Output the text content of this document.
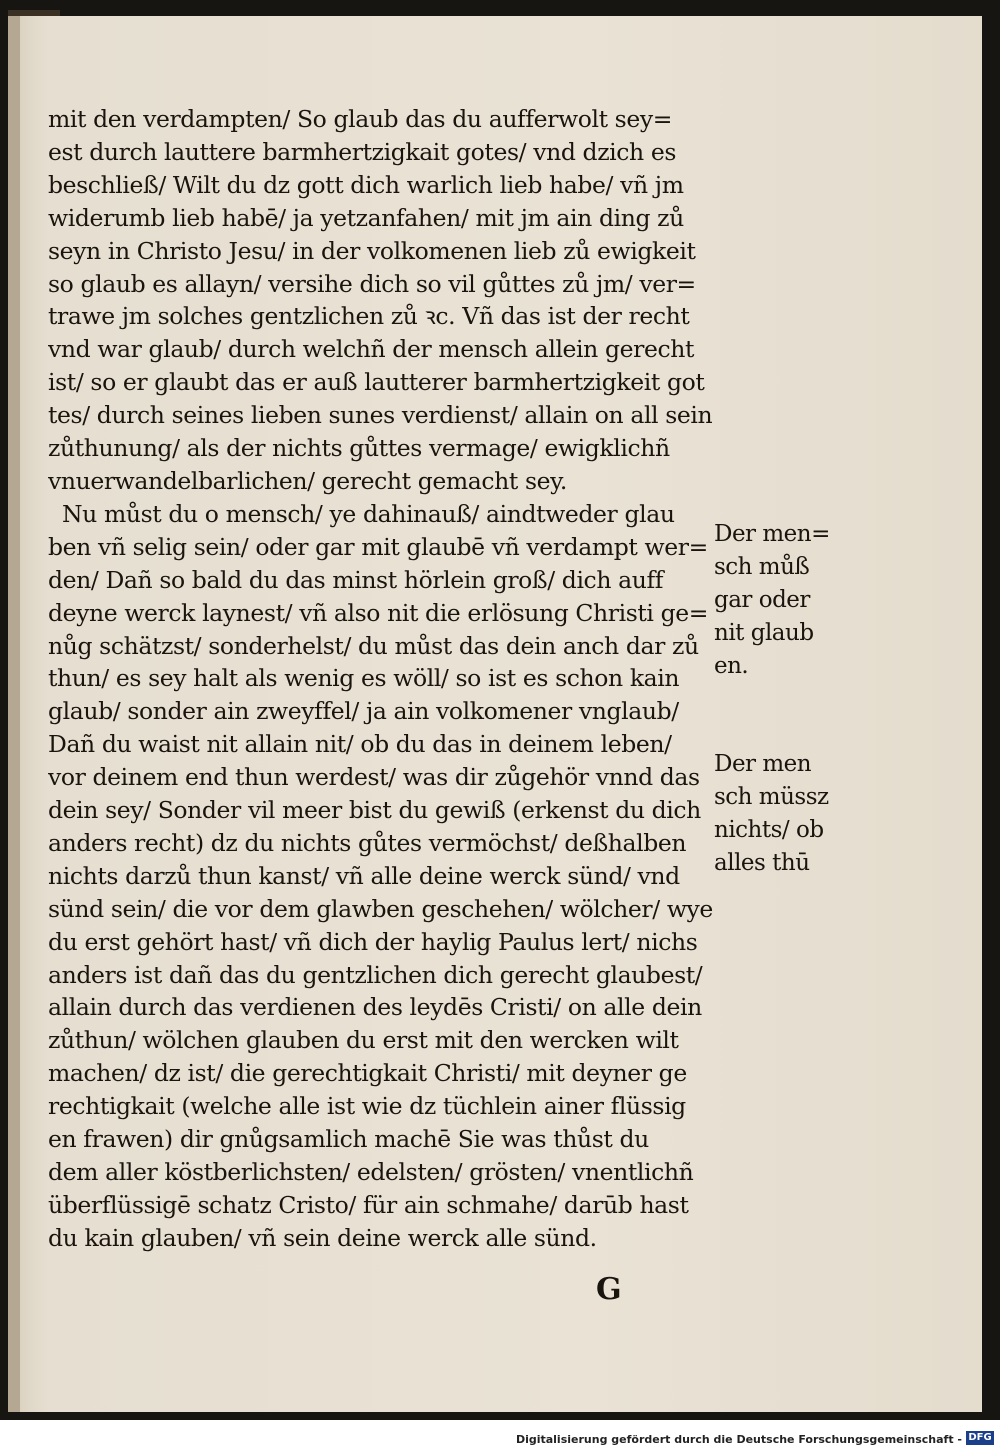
mit den verdampten/ So glaub das du aufferwolt sey=
est durch lauttere barmhertzigkait gotes/ vnd dzich es
beschließ/ Wilt du dz gott dich warlich lieb habe/ vñ jm
widerumb lieb habē/ ja yetzanfahen/ mit jm ain ding zů
seyn in Christo Jesu/ in der volkomenen lieb zů ewigkeit
so glaub es allayn/ versihe dich so vil gůttes zů jm/ ver=
trawe jm solches gentzlichen zů ꝛc. Vñ das ist der recht
vnd war glaub/ durch welchñ der mensch allein gerecht
ist/ so er glaubt das er auß lautterer barmhertzigkeit got
tes/ durch seines lieben sunes verdienst/ allain on all sein
zůthunung/ als der nichts gůttes vermage/ ewigklichñ
vnuerwandelbarlichen/ gerecht gemacht sey.
Nu můst du o mensch/ ye dahinauß/ aindtweder glau
ben vñ selig sein/ oder gar mit glaubē vñ verdampt wer=
den/ Dañ so bald du das minst hörlein groß/ dich auff
deyne werck laynest/ vñ also nit die erlösung Christi ge=
nůg schätzst/ sonderhelst/ du můst das dein anch dar zů
thun/ es sey halt als wenig es wöll/ so ist es schon kain
glaub/ sonder ain zweyffel/ ja ain volkomener vnglaub/
Dañ du waist nit allain nit/ ob du das in deinem leben/
vor deinem end thun werdest/ was dir zůgehör vnnd das
dein sey/ Sonder vil meer bist du gewiß (erkenst du dich
anders recht) dz du nichts gůtes vermöchst/ deßhalben
nichts darzů thun kanst/ vñ alle deine werck sünd/ vnd
sünd sein/ die vor dem glawben geschehen/ wölcher/ wye
du erst gehört hast/ vñ dich der haylig Paulus lert/ nichs
anders ist dañ das du gentzlichen dich gerecht glaubest/
allain durch das verdienen des leydēs Cristi/ on alle dein
zůthun/ wölchen glauben du erst mit den wercken wilt
machen/ dz ist/ die gerechtigkait Christi/ mit deyner ge
rechtigkait (welche alle ist wie dz tüchlein ainer flüssig
en frawen) dir gnůgsamlich machē Sie was thůst du
dem aller köstberlichsten/ edelsten/ grösten/ vnentlichñ
überflüssigē schatz Cristo/ für ain schmahe/ darūb hast
du kain glauben/ vñ sein deine werck alle sünd.
Der men=
sch můß
gar oder
nit glaub
en.
Der men
sch müssz
nichts/ ob
alles thū
G
Digitalisierung gefördert durch die Deutsche Forschungsgemeinschaft - DFG
